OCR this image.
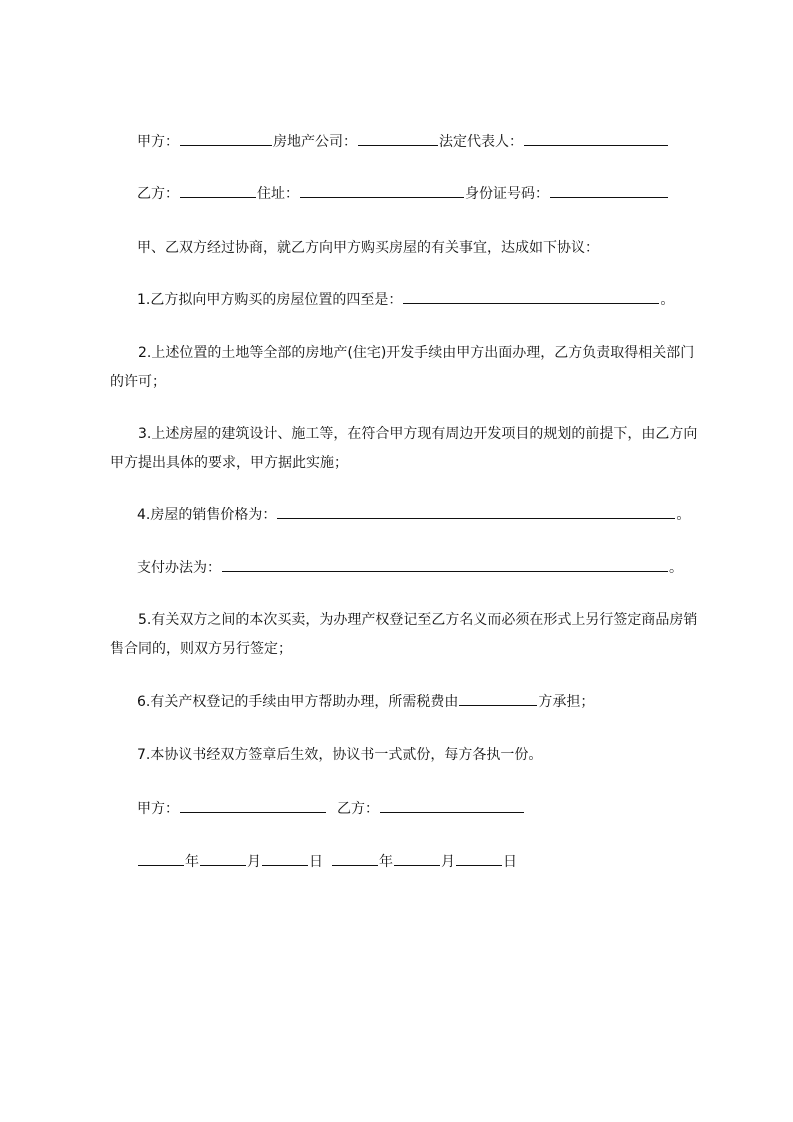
甲方：	房地产公司：	法定代表人：
乙方：	住址：	身份证号码：
甲、乙双方经过协商，就乙方向甲方购买房屋的有关事宜，达成如下协议：
1.乙方拟向甲方购买的房屋位置的四至是：	。
2.上述位置的土地等全部的房地产(住宅)开发手续由甲方出面办理，乙方负责取得相关部门的许可；
3.上述房屋的建筑设计、施工等，在符合甲方现有周边开发项目的规划的前提下，由乙方向甲方提出具体的要求，甲方据此实施；
4.房屋的销售价格为：	。
支付办法为：	。
5.有关双方之间的本次买卖，为办理产权登记至乙方名义而必须在形式上另行签定商品房销售合同的，则双方另行签定；
6.有关产权登记的手续由甲方帮助办理，所需税费由	方承担；
7.本协议书经双方签章后生效，协议书一式贰份，每方各执一份。
甲方：	乙方：
年	月	日	年	月	日
